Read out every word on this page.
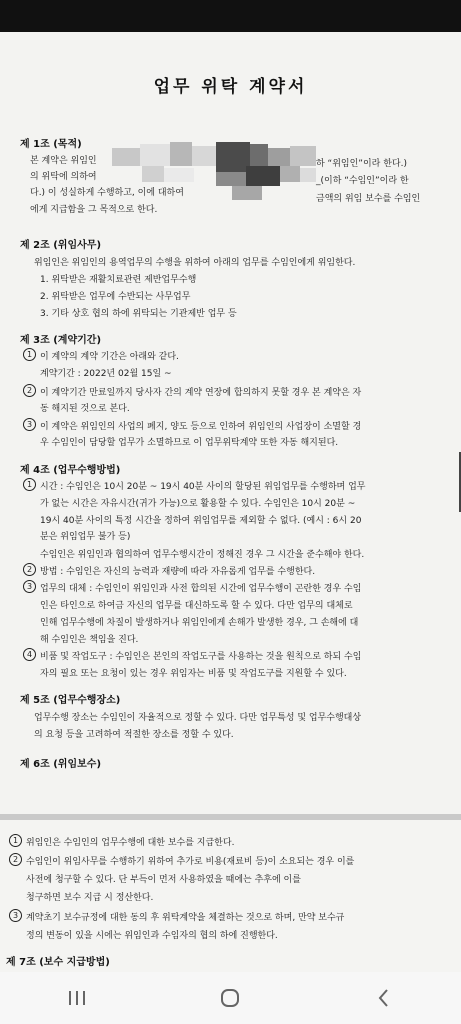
업무 위탁 계약서
제 1조 (목적)
본 계약은 위임인	하 “위임인”이라 한다.)
의 위탁에 의하여	_(이하 “수임인”이라 한
다.) 이 성실하게 수행하고, 이에 대하여
금액의 위임 보수를 수임인
에게 지급함을 그 목적으로 한다.
제 2조 (위임사무)
위임인은 위임인의 용역업무의 수행을 위하여 아래의 업무를 수임인에게 위임한다.
1. 위탁받은 재활치료관련 제반업무수행
2. 위탁받은 업무에 수반되는 사무업무
3. 기타 상호 협의 하에 위탁되는 기관제반 업무 등
제 3조 (계약기간)
1 이 계약의 계약 기간은 아래와 같다.
계약기간 : 2022년 02월 15일 ~
2 이 계약기간 만료일까지 당사자 간의 계약 연장에 합의하지 못할 경우 본 계약은 자
동 해지된 것으로 본다.
3 이 계약은 위임인의 사업의 폐지, 양도 등으로 인하여 위임인의 사업장이 소멸할 경
우 수임인이 담당할 업무가 소멸하므로 이 업무위탁계약 또한 자동 해지된다.
제 4조 (업무수행방법)
1 시간 : 수임인은 10시 20분 ~ 19시 40분 사이의 할당된 위임업무를 수행하며 업무
가 없는 시간은 자유시간(귀가 가능)으로 활용할 수 있다. 수임인은 10시 20분 ~
19시 40분 사이의 특정 시간을 정하여 위임업무를 제외할 수 없다. (예시 : 6시 20
분은 위임업무 불가 등)
수임인은 위임인과 협의하여 업무수행시간이 정해진 경우 그 시간을 준수해야 한다.
2 방법 : 수임인은 자신의 능력과 재량에 따라 자유롭게 업무를 수행한다.
3 업무의 대체 : 수임인이 위임인과 사전 합의된 시간에 업무수행이 곤란한 경우 수임
인은 타인으로 하여금 자신의 업무를 대신하도록 할 수 있다. 다만 업무의 대체로
인해 업무수행에 차질이 발생하거나 위임인에게 손해가 발생한 경우, 그 손해에 대
해 수임인은 책임을 진다.
4 비품 및 작업도구 : 수임인은 본인의 작업도구를 사용하는 것을 원칙으로 하되 수임
자의 필요 또는 요청이 있는 경우 위임자는 비품 및 작업도구를 지원할 수 있다.
제 5조 (업무수행장소)
업무수행 장소는 수임인이 자율적으로 정할 수 있다. 다만 업무특성 및 업무수행대상
의 요청 등을 고려하여 적절한 장소를 정할 수 있다.
제 6조 (위임보수)
1 위임인은 수임인의 업무수행에 대한 보수를 지급한다.
2 수임인이 위임사무를 수행하기 위하여 추가로 비용(재료비 등)이 소요되는 경우 이를
사전에 청구할 수 있다. 단 부득이 먼저 사용하였을 때에는 추후에 이를
청구하면 보수 지급 시 정산한다.
3 계약초기 보수규정에 대한 동의 후 위탁계약을 체결하는 것으로 하며, 만약 보수규
정의 변동이 있을 시에는 위임인과 수임자의 협의 하에 진행한다.
제 7조 (보수 지급방법)
